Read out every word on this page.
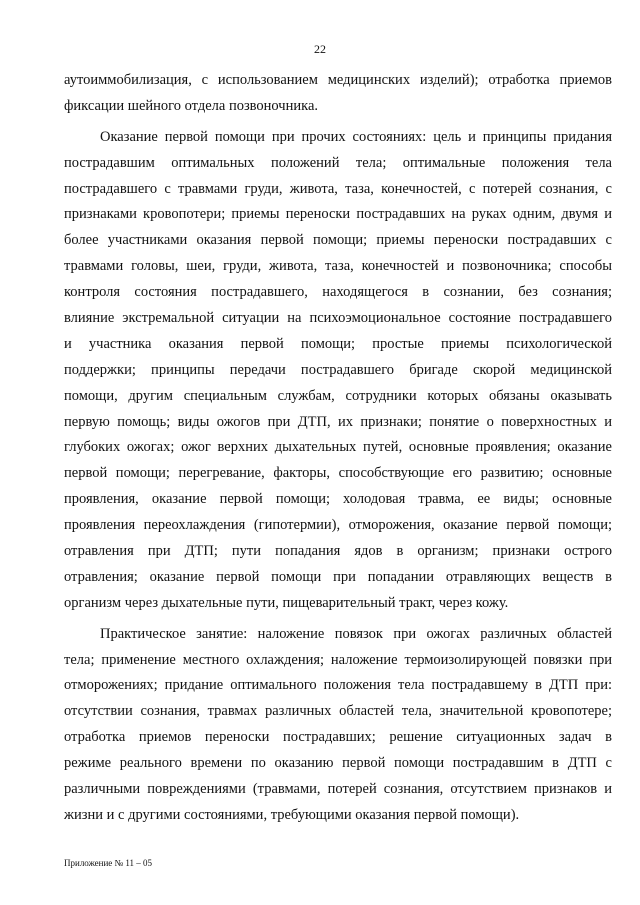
22
аутоиммобилизация, с использованием медицинских изделий); отработка приемов
фиксации шейного отдела позвоночника.
Оказание первой помощи при прочих состояниях: цель и принципы придания
пострадавшим оптимальных положений тела; оптимальные положения тела
пострадавшего с травмами груди, живота, таза, конечностей, с потерей сознания, с
признаками кровопотери; приемы переноски пострадавших на руках одним, двумя и
более участниками оказания первой помощи; приемы переноски пострадавших с
травмами головы, шеи, груди, живота, таза, конечностей и позвоночника; способы
контроля состояния пострадавшего, находящегося в сознании, без сознания;
влияние экстремальной ситуации на психоэмоциональное состояние пострадавшего
и участника оказания первой помощи; простые приемы психологической
поддержки; принципы передачи пострадавшего бригаде скорой медицинской
помощи, другим специальным службам, сотрудники которых обязаны оказывать
первую помощь; виды ожогов при ДТП, их признаки; понятие о поверхностных и
глубоких ожогах; ожог верхних дыхательных путей, основные проявления; оказание
первой помощи; перегревание, факторы, способствующие его развитию; основные
проявления, оказание первой помощи; холодовая травма, ее виды; основные
проявления переохлаждения (гипотермии), отморожения, оказание первой помощи;
отравления при ДТП; пути попадания ядов в организм; признаки острого
отравления; оказание первой помощи при попадании отравляющих веществ в
организм через дыхательные пути, пищеварительный тракт, через кожу.
Практическое занятие: наложение повязок при ожогах различных областей
тела; применение местного охлаждения; наложение термоизолирующей повязки при
отморожениях; придание оптимального положения тела пострадавшему в ДТП при:
отсутствии сознания, травмах различных областей тела, значительной кровопотере;
отработка приемов переноски пострадавших; решение ситуационных задач в
режиме реального времени по оказанию первой помощи пострадавшим в ДТП с
различными повреждениями (травмами, потерей сознания, отсутствием признаков и
жизни и с другими состояниями, требующими оказания первой помощи).
Приложение № 11 – 05
